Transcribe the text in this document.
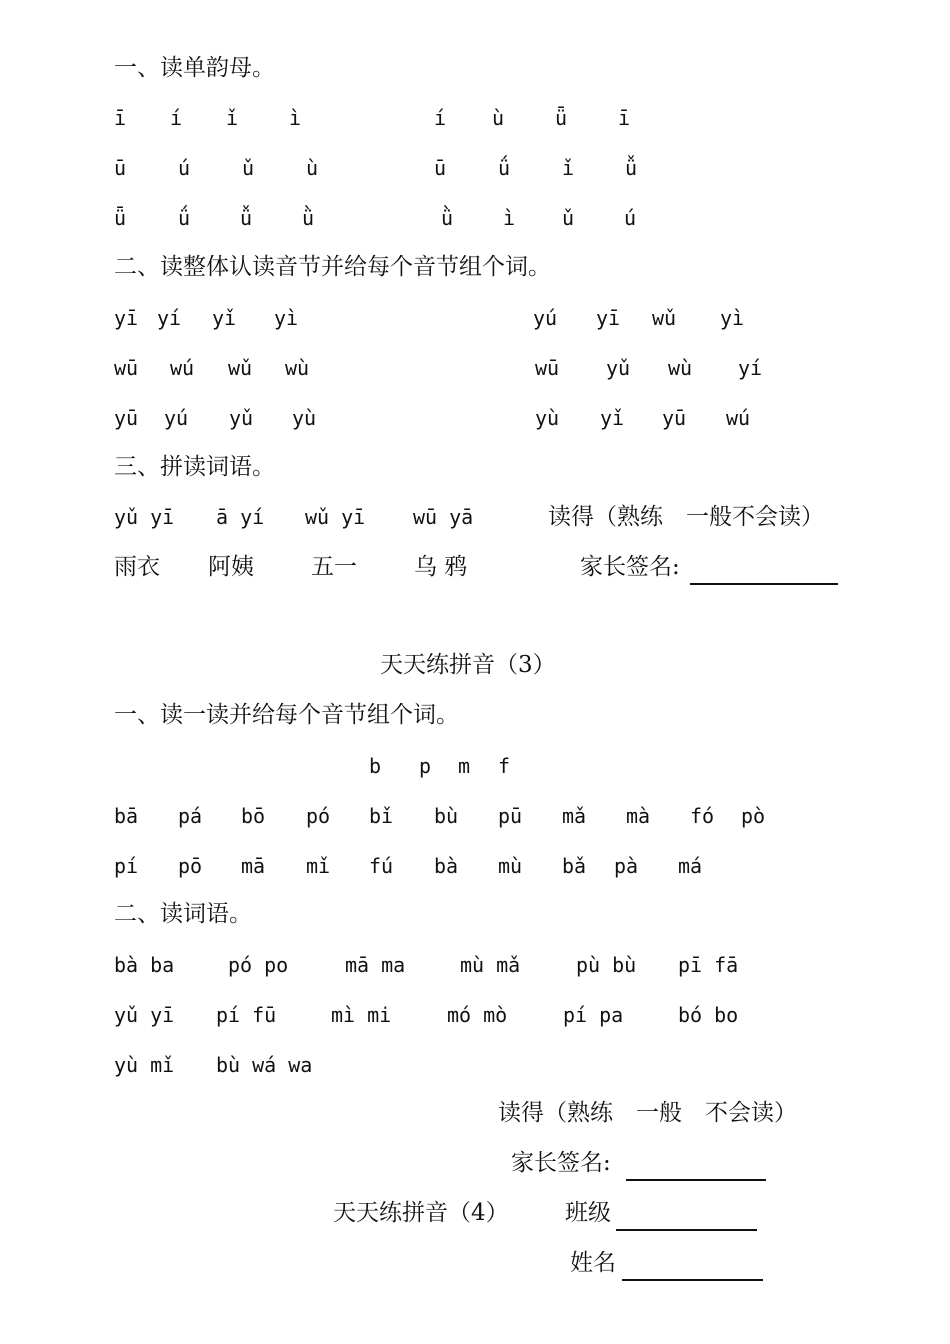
一、读单韵母。
ī í ǐ	ì	í ù	ǖ	ī
ū	ú	ǔ	ù	ū	ǘ	ǐ	ǚ
ǖ	ǘ ǚ ǜ	ǜ ì ǔ ú
二、读整体认读音节并给每个音节组个词。
yī yí yǐ yì	yú yī wǔ yì
wū wú wǔ wù	wū yǔ wù yí
yū yú yǔ yù	yù yǐ yū wú
三、拼读词语。
yǔ yī ā yí wǔ yī wū yā	读得（熟练　一般不会读）
雨衣 阿姨 五一 乌 鸦	家长签名:
天天练拼音（3）
一、读一读并给每个音节组个词。
b p m f
bā pá bō pó bǐ bù pū mǎ mà fó pò
pí pō mā mǐ fú bà mù bǎ pà má
二、读词语。
bà ba	pó po	mā ma	mù mǎ	pù bù pī fā
yǔ yī pí fū	mì mi	mó mò	pí pa	bó bo
yù mǐ bù wá wa
读得（熟练　一般　不会读）
家长签名:
天天练拼音（4） 班级
姓名
